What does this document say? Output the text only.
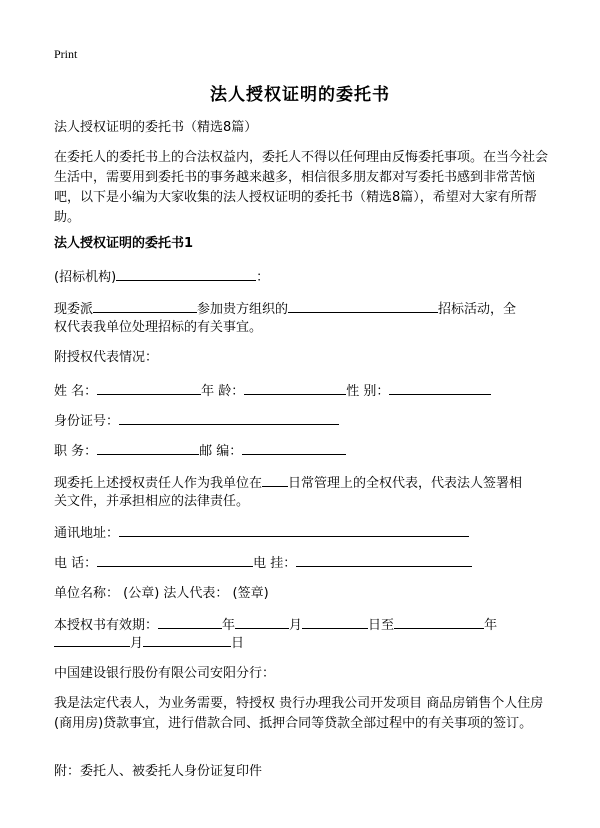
Print
法人授权证明的委托书
法人授权证明的委托书（精选8篇）
在委托人的委托书上的合法权益内，委托人不得以任何理由反悔委托事项。在当今社会生活中，需要用到委托书的事务越来越多，相信很多朋友都对写委托书感到非常苦恼吧，以下是小编为大家收集的法人授权证明的委托书（精选8篇），希望对大家有所帮助。
法人授权证明的委托书1
(招标机构)	：
现委派	参加贵方组织的	招标活动，全
权代表我单位处理招标的有关事宜。
附授权代表情况：
姓 名：	年 龄：	性 别：
身份证号：
职 务：	邮 编：
现委托上述授权责任人作为我单位在 日常管理上的全权代表，代表法人签署相
关文件，并承担相应的法律责任。
通讯地址：
电 话：	电 挂：
单位名称： (公章) 法人代表： (签章)
本授权书有效期：	年	月	日至	年
月	日
中国建设银行股份有限公司安阳分行：
我是法定代表人，为业务需要，特授权 贵行办理我公司开发项目 商品房销售个人住房(商用房)贷款事宜，进行借款合同、抵押合同等贷款全部过程中的有关事项的签订。
附：委托人、被委托人身份证复印件
